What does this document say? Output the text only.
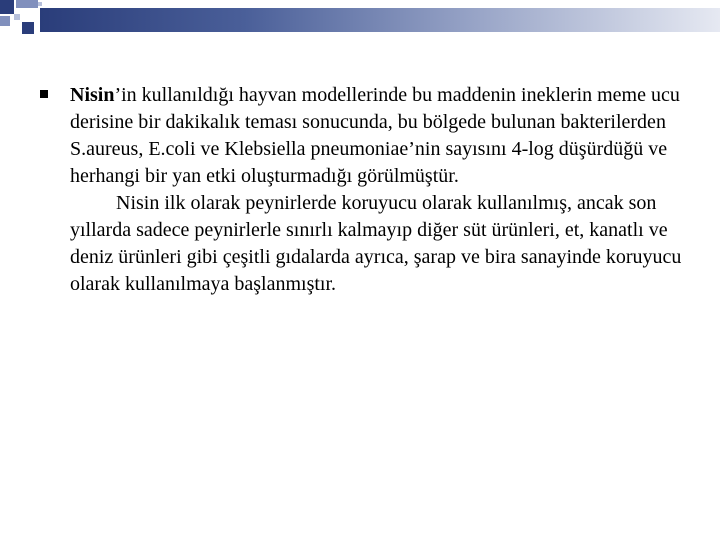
Nisin’in kullanıldığı hayvan modellerinde bu maddenin ineklerin meme ucu derisine bir dakikalık teması sonucunda, bu bölgede bulunan bakterilerden S.aureus, E.coli ve Klebsiella pneumoniae’nin sayısını 4-log düşürdüğü ve herhangi bir yan etki oluşturmadığı görülmüştür.

Nisin ilk olarak peynirlerde koruyucu olarak kullanılmış, ancak son yıllarda sadece peynirlerle sınırlı kalmayıp diğer süt ürünleri, et, kanatlı ve deniz ürünleri gibi çeşitli gıdalarda ayrıca, şarap ve bira sanayinde koruyucu olarak kullanılmaya başlanmıştır.
